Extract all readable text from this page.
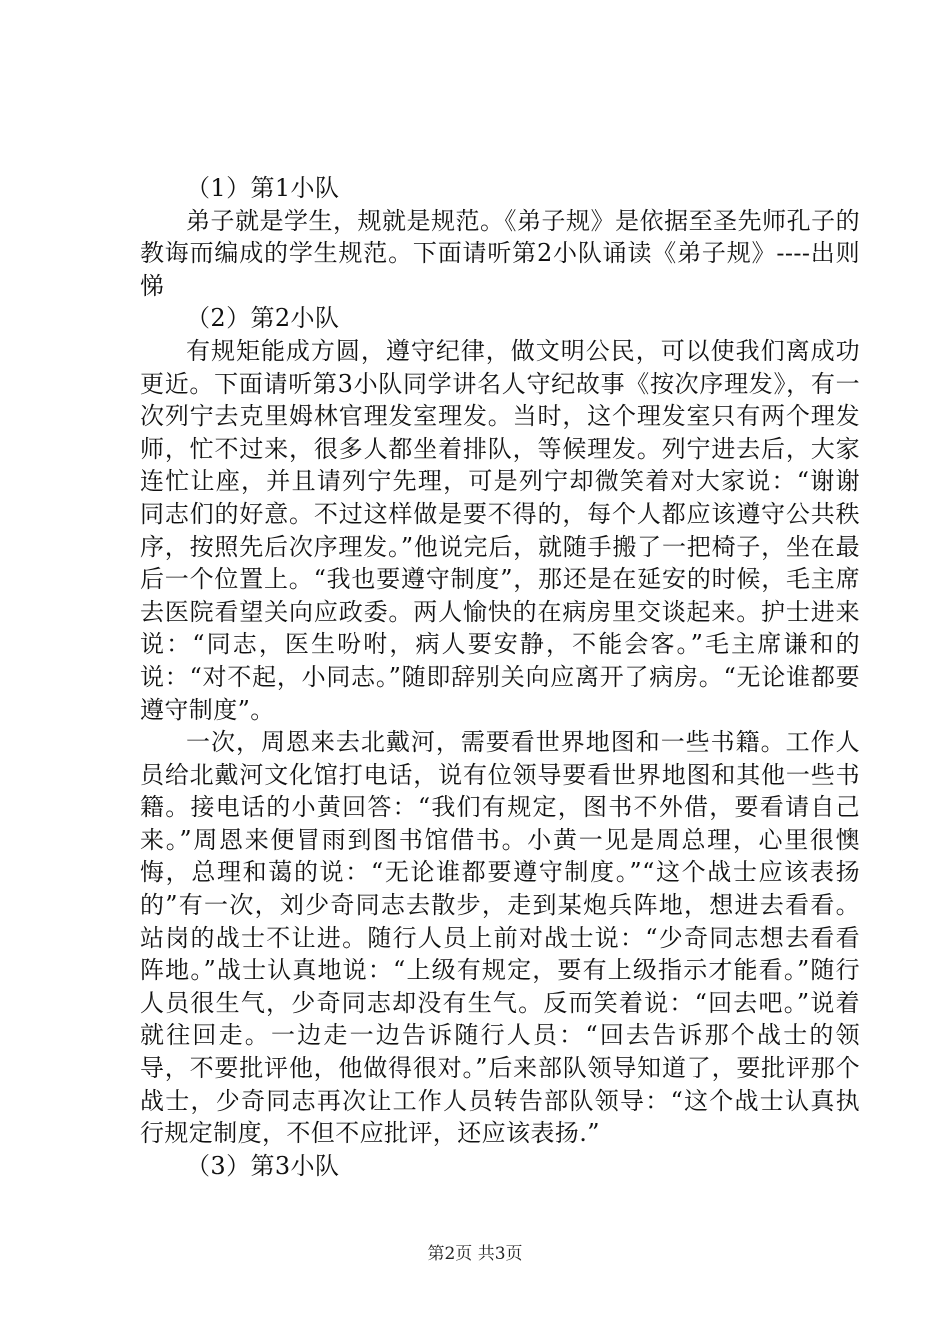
（1）第1小队

弟子就是学生，规就是规范。《弟子规》是依据至圣先师孔子的教诲而编成的学生规范。下面请听第2小队诵读《弟子规》----出则悌

（2）第2小队

有规矩能成方圆，遵守纪律，做文明公民，可以使我们离成功更近。下面请听第3小队同学讲名人守纪故事《按次序理发》，有一次列宁去克里姆林官理发室理发。当时，这个理发室只有两个理发师，忙不过来，很多人都坐着排队，等候理发。列宁进去后，大家连忙让座，并且请列宁先理，可是列宁却微笑着对大家说：“谢谢同志们的好意。不过这样做是要不得的，每个人都应该遵守公共秩序，按照先后次序理发。”他说完后，就随手搬了一把椅子，坐在最后一个位置上。“我也要遵守制度”，那还是在延安的时候，毛主席去医院看望关向应政委。两人愉快的在病房里交谈起来。护士进来说：“同志，医生吩咐，病人要安静，不能会客。”毛主席谦和的说：“对不起，小同志。”随即辞别关向应离开了病房。“无论谁都要遵守制度”。

一次，周恩来去北戴河，需要看世界地图和一些书籍。工作人员给北戴河文化馆打电话，说有位领导要看世界地图和其他一些书籍。接电话的小黄回答：“我们有规定，图书不外借，要看请自己来。”周恩来便冒雨到图书馆借书。小黄一见是周总理，心里很懊悔，总理和蔼的说：“无论谁都要遵守制度。”“这个战士应该表扬的”有一次，刘少奇同志去散步，走到某炮兵阵地，想进去看看。站岗的战士不让进。随行人员上前对战士说：“少奇同志想去看看阵地。”战士认真地说：“上级有规定，要有上级指示才能看。”随行人员很生气，少奇同志却没有生气。反而笑着说：“回去吧。”说着就往回走。一边走一边告诉随行人员：“回去告诉那个战士的领导，不要批评他，他做得很对。”后来部队领导知道了，要批评那个战士，少奇同志再次让工作人员转告部队领导：“这个战士认真执行规定制度，不但不应批评，还应该表扬.”

（3）第3小队

第2页 共3页
